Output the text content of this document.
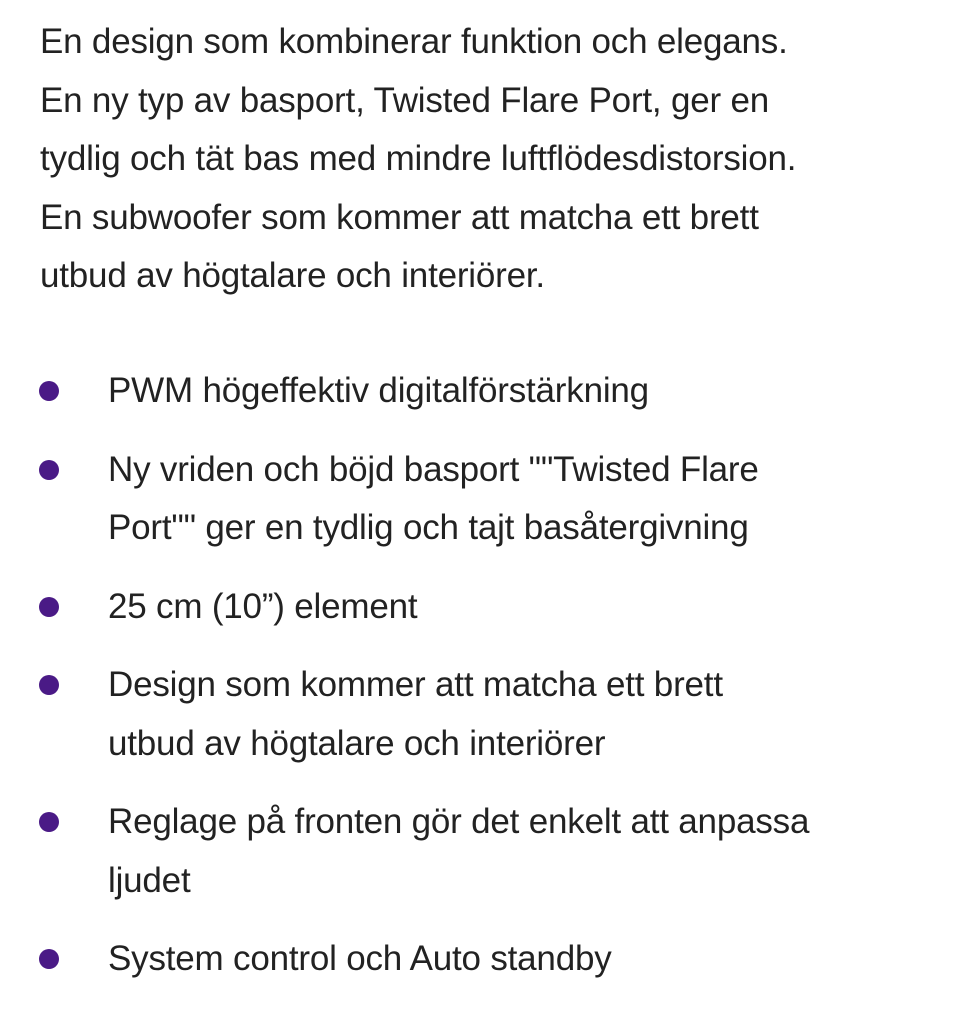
En design som kombinerar funktion och elegans.
En ny typ av basport, Twisted Flare Port, ger en
tydlig och tät bas med mindre luftflödesdistorsion.
En subwoofer som kommer att matcha ett brett
utbud av högtalare och interiörer.

PWM högeffektiv digitalförstärkning
Ny vriden och böjd basport ""Twisted Flare
Port"" ger en tydlig och tajt basåtergivning
25 cm (10”) element
Design som kommer att matcha ett brett
utbud av högtalare och interiörer
Reglage på fronten gör det enkelt att anpassa
ljudet
System control och Auto standby
